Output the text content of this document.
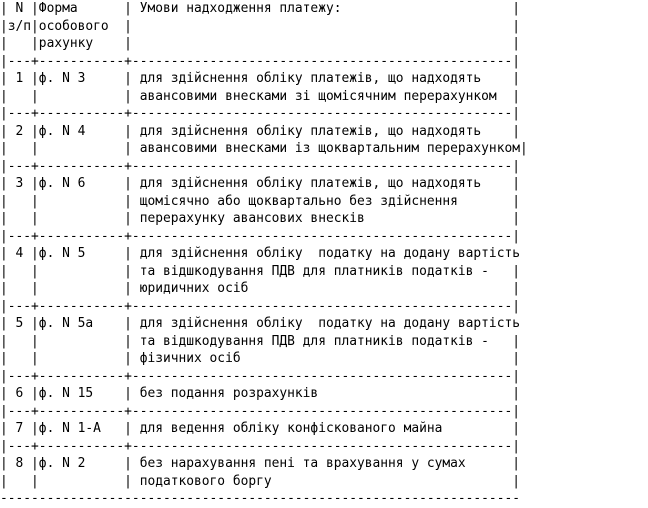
| N |Форма      | Умови надходження платежу:                      |
|з/п|особового  |                                                 |
|   |рахунку    |                                                 |
|---+-----------+-------------------------------------------------|
| 1 |ф. N 3     | для здійснення обліку платежів, що надходять    |
|   |           | авансовими внесками зі щомісячним перерахунком  |
|---+-----------+-------------------------------------------------|
| 2 |ф. N 4     | для здійснення обліку платежів, що надходять    |
|   |           | авансовими внесками із щоквартальним перерахунком|
|---+-----------+-------------------------------------------------|
| 3 |ф. N 6     | для здійснення обліку платежів, що надходять    |
|   |           | щомісячно або щоквартально без здійснення       |
|   |           | перерахунку авансових внесків                   |
|---+-----------+-------------------------------------------------|
| 4 |ф. N 5     | для здійснення обліку  податку на додану вартість
|   |           | та відшкодування ПДВ для платників податків -   |
|   |           | юридичних осіб                                  |
|---+-----------+-------------------------------------------------|
| 5 |ф. N 5а    | для здійснення обліку  податку на додану вартість
|   |           | та відшкодування ПДВ для платників податків -   |
|   |           | фізичних осіб                                   |
|---+-----------+-------------------------------------------------|
| 6 |ф. N 15    | без подання розрахунків                         |
|---+-----------+-------------------------------------------------|
| 7 |ф. N 1-А   | для ведення обліку конфіскованого майна         |
|---+-----------+-------------------------------------------------|
| 8 |ф. N 2     | без нарахування пені та врахування у сумах      |
|   |           | податкового боргу                               |
-------------------------------------------------------------------
